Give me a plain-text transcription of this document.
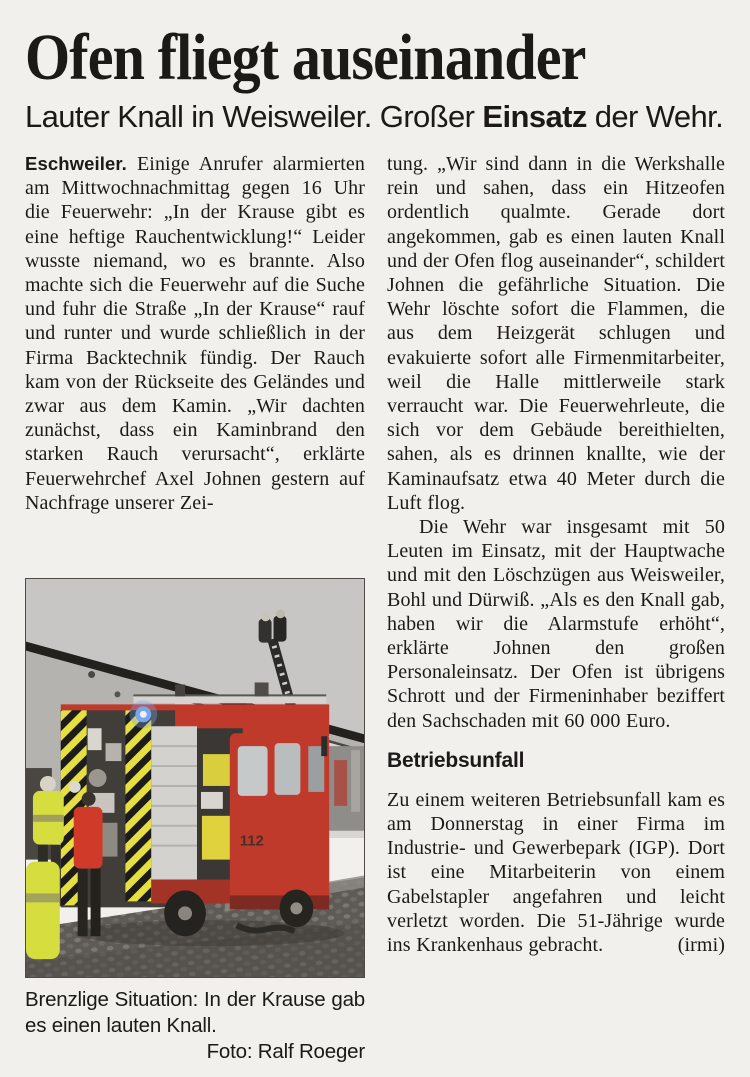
Ofen fliegt auseinander
Lauter Knall in Weisweiler. Großer Einsatz der Wehr.

Eschweiler. Einige Anrufer alarmierten am Mittwochnachmittag gegen 16 Uhr die Feuerwehr: „In der Krause gibt es eine heftige Rauchentwicklung!“ Leider wusste niemand, wo es brannte. Also machte sich die Feuerwehr auf die Suche und fuhr die Straße „In der Krause“ rauf und runter und wurde schließlich in der Firma Backtechnik fündig. Der Rauch kam von der Rückseite des Geländes und zwar aus dem Kamin. „Wir dachten zunächst, dass ein Kaminbrand den starken Rauch verursacht“, erklärte Feuerwehrchef Axel Johnen gestern auf Nachfrage unserer Zei-

112
Brenzlige Situation: In der Krause gab es einen lauten Knall.
Foto: Ralf Roeger

tung. „Wir sind dann in die Werkshalle rein und sahen, dass ein Hitzeofen ordentlich qualmte. Gerade dort angekommen, gab es einen lauten Knall und der Ofen flog auseinander“, schildert Johnen die gefährliche Situation. Die Wehr löschte sofort die Flammen, die aus dem Heizgerät schlugen und evakuierte sofort alle Firmenmitarbeiter, weil die Halle mittlerweile stark verraucht war. Die Feuerwehrleute, die sich vor dem Gebäude bereithielten, sahen, als es drinnen knallte, wie der Kaminaufsatz etwa 40 Meter durch die Luft flog.

Die Wehr war insgesamt mit 50 Leuten im Einsatz, mit der Hauptwache und mit den Löschzügen aus Weisweiler, Bohl und Dürwiß. „Als es den Knall gab, haben wir die Alarmstufe erhöht“, erklärte Johnen den großen Personaleinsatz. Der Ofen ist übrigens Schrott und der Firmeninhaber beziffert den Sachschaden mit 60 000 Euro.

Betriebsunfall

Zu einem weiteren Betriebsunfall kam es am Donnerstag in einer Firma im Industrie- und Gewerbepark (IGP). Dort ist eine Mitarbeiterin von einem Gabelstapler angefahren und leicht verletzt worden. Die 51-Jährige wurde ins Krankenhaus gebracht.	(irmi)
